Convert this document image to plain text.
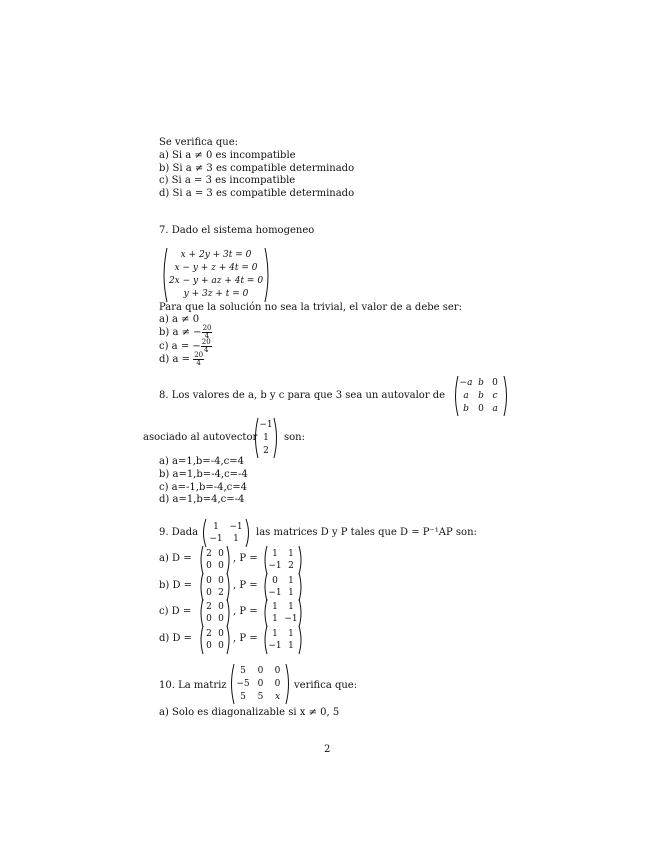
Se verifica que:
a) Si a ≠ 0 es incompatible
b) Si a ≠ 3 es compatible determinado
c) Si a = 3 es incompatible
d) Si a = 3 es compatible determinado
7. Dado el sistema homogeneo
x + 2y + 3t = 0
x − y + z + 4t = 0
2x − y + az + 4t = 0
y + 3z + t = 0
Para que la solución no sea la trivial, el valor de a debe ser:
a) a ≠ 0
b) a ≠ − $\frac{20}{4}$
c) a = − $\frac{20}{4}$
d) $a = \frac{20}{4}$
8. Los valores de a, b y c para que 3 sea un autovalor de
−a b 0
a	b c
b	0 a
asociado al autovector
−1
1
2
son:
a) a=1,b=-4,c=4
b) a=1,b=-4,c=-4
c) a=-1,b=-4,c=4
d) a=1,b=4,c=-4
9. Dada	1	−1
−1	1
las matrices D y P tales que D = P⁻¹AP son:
a) D =	2 0
0 0
, P =	1	1
−1 2
b) D =	0 0
0 2
, P =	0	1
−1 1
c) D =	2 0
0 0
, P =	1	1
1 −1
d) D =	2 0
0 0
, P =	1	1
−1 1
10. La matriz
5	0	0
−5 0	0
5	5	x
verifica que:
a) Solo es diagonalizable si x ≠ 0, 5
2
